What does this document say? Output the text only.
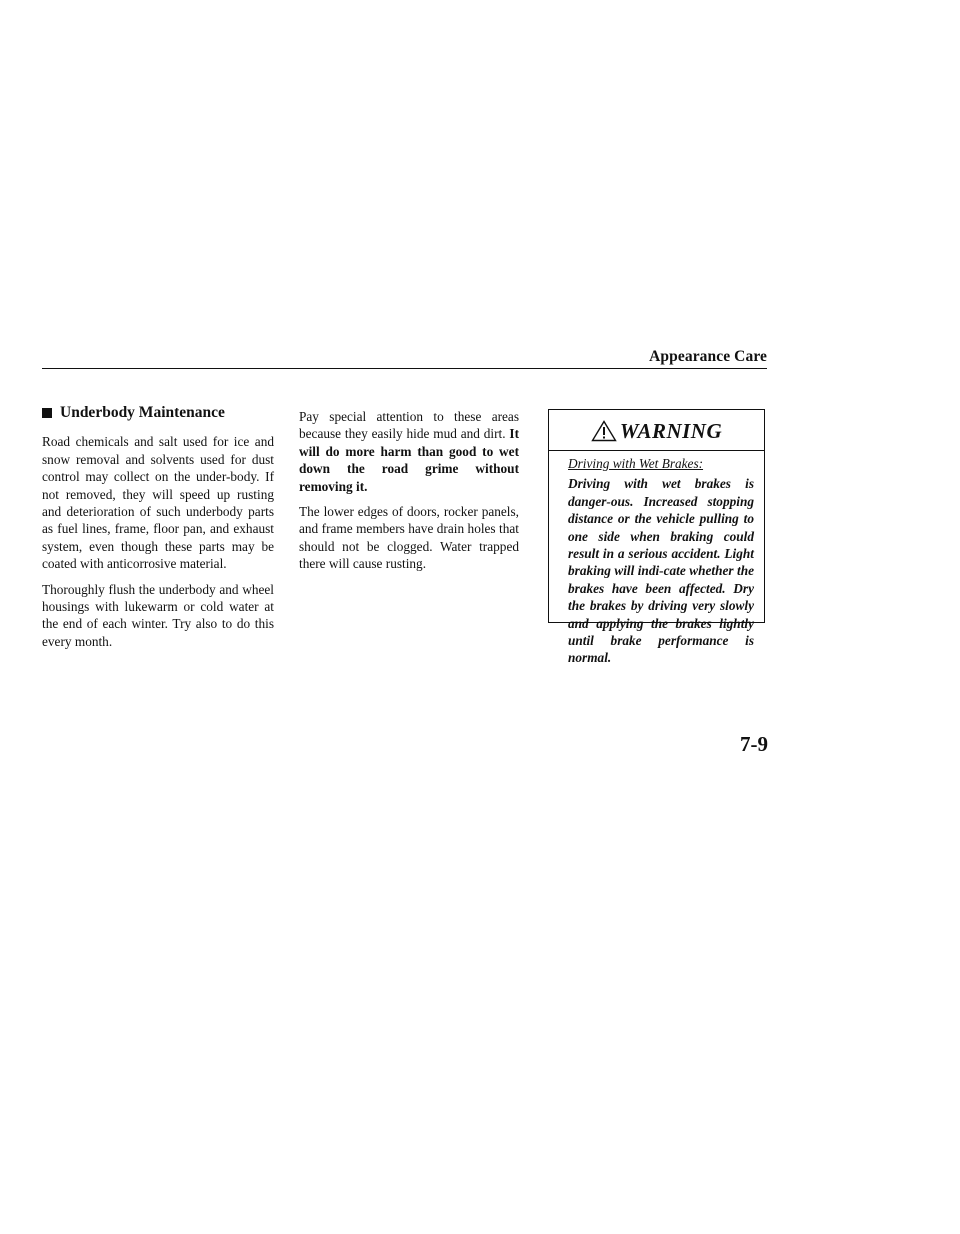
Appearance Care
Underbody Maintenance

Road chemicals and salt used for ice and snow removal and solvents used for dust control may collect on the under-body. If not removed, they will speed up rusting and deterioration of such underbody parts as fuel lines, frame, floor pan, and exhaust system, even though these parts may be coated with anticorrosive material.

Thoroughly flush the underbody and wheel housings with lukewarm or cold water at the end of each winter. Try also to do this every month.

Pay special attention to these areas because they easily hide mud and dirt. It will do more harm than good to wet down the road grime without removing it.

The lower edges of doors, rocker panels, and frame members have drain holes that should not be clogged. Water trapped there will cause rusting.

WARNING
Driving with Wet Brakes:
Driving with wet brakes is danger-ous. Increased stopping distance or the vehicle pulling to one side when braking could result in a serious accident. Light braking will indi-cate whether the brakes have been affected. Dry the brakes by driving very slowly and applying the brakes lightly until brake performance is normal.
7-9
